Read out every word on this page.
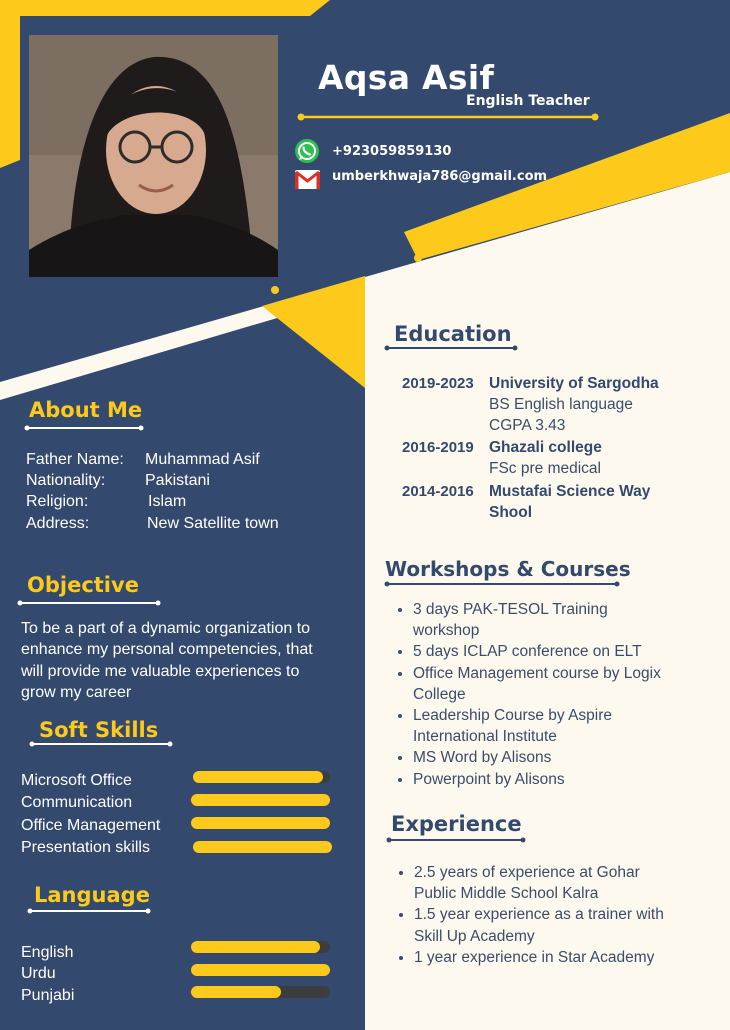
Aqsa Asif
English Teacher
+923059859130
umberkhwaja786@gmail.com
About Me
Father Name: Muhammad Asif
Nationality: Pakistani
Religion:	Islam
Address:	New Satellite town
Objective
To be a part of a dynamic organization to
enhance my personal competencies, that
will provide me valuable experiences to
grow my career
Soft Skills
Microsoft Office
Communication
Office Management
Presentation skills
Language
English
Urdu
Punjabi
Education
2019-2023 University of Sargodha
BS English language
CGPA 3.43
2016-2019 Ghazali college
FSc pre medical
2014-2016 Mustafai Science Way
Shool
Workshops & Courses
• 3 days PAK-TESOL Training
workshop
• 5 days ICLAP conference on ELT
• Office Management course by Logix
College
• Leadership Course by Aspire
International Institute
• MS Word by Alisons
• Powerpoint by Alisons
Experience
• 2.5 years of experience at Gohar
Public Middle School Kalra
• 1.5 year experience as a trainer with
Skill Up Academy
• 1 year experience in Star Academy
